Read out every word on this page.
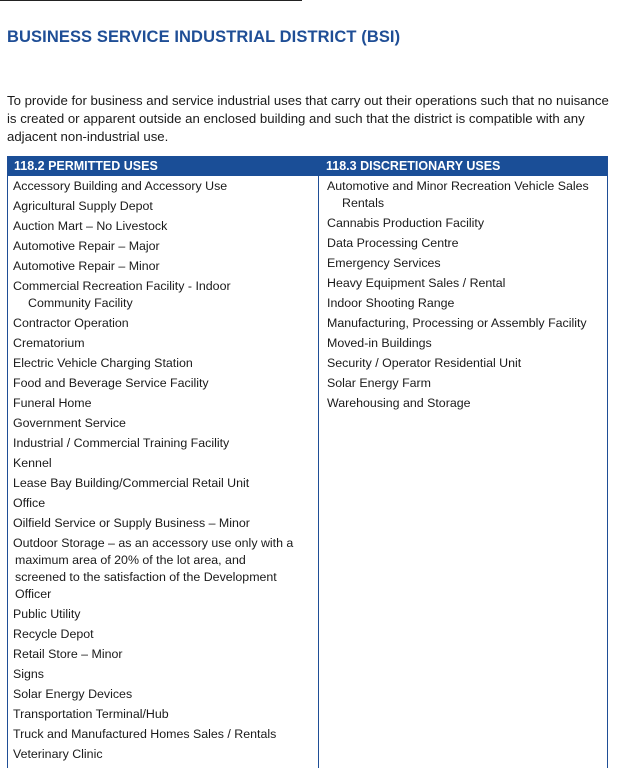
BUSINESS SERVICE INDUSTRIAL DISTRICT (BSI)
To provide for business and service industrial uses that carry out their operations such that no nuisance is created or apparent outside an enclosed building and such that the district is compatible with any adjacent non-industrial use.
118.2 PERMITTED USES	118.3 DISCRETIONARY USES
Accessory Building and Accessory Use
Agricultural Supply Depot
Auction Mart – No Livestock
Automotive Repair – Major
Automotive Repair – Minor
Commercial Recreation Facility - Indoor
Community Facility
Contractor Operation
Crematorium
Electric Vehicle Charging Station
Food and Beverage Service Facility
Funeral Home
Government Service
Industrial / Commercial Training Facility
Kennel
Lease Bay Building/Commercial Retail Unit
Office
Oilfield Service or Supply Business – Minor
Outdoor Storage – as an accessory use only with a
maximum area of 20% of the lot area, and
screened to the satisfaction of the Development
Officer
Public Utility
Recycle Depot
Retail Store – Minor
Signs
Solar Energy Devices
Transportation Terminal/Hub
Truck and Manufactured Homes Sales / Rentals
Veterinary Clinic
Automotive and Minor Recreation Vehicle Sales
Rentals
Cannabis Production Facility
Data Processing Centre
Emergency Services
Heavy Equipment Sales / Rental
Indoor Shooting Range
Manufacturing, Processing or Assembly Facility
Moved-in Buildings
Security / Operator Residential Unit
Solar Energy Farm
Warehousing and Storage
